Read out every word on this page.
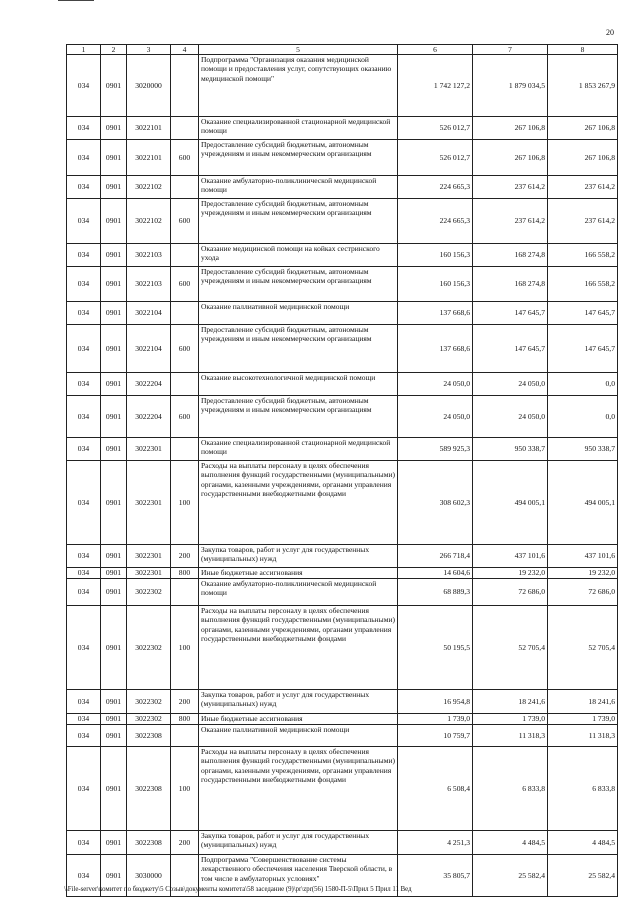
20
1	2	3	4	5	6	7	8
034	0901	3020000		Подпрограмма "Организация оказания медицинской помощи и предоставления услуг, сопутствующих оказанию медицинской помощи"	1 742 127,2	1 879 034,5	1 853 267,9
034	0901	3022101		Оказание специализированной стационарной медицинской помощи	526 012,7	267 106,8	267 106,8
034	0901	3022101	600	Предоставление субсидий бюджетным, автономным учреждениям и иным некоммерческим организациям	526 012,7	267 106,8	267 106,8
034	0901	3022102		Оказание амбулаторно-поликлинической медицинской помощи	224 665,3	237 614,2	237 614,2
034	0901	3022102	600	Предоставление субсидий бюджетным, автономным учреждениям и иным некоммерческим организациям	224 665,3	237 614,2	237 614,2
034	0901	3022103		Оказание медицинской помощи на койках сестринского ухода	160 156,3	168 274,8	166 558,2
034	0901	3022103	600	Предоставление субсидий бюджетным, автономным учреждениям и иным некоммерческим организациям	160 156,3	168 274,8	166 558,2
034	0901	3022104		Оказание паллиативной медицинской помощи	137 668,6	147 645,7	147 645,7
034	0901	3022104	600	Предоставление субсидий бюджетным, автономным учреждениям и иным некоммерческим организациям	137 668,6	147 645,7	147 645,7
034	0901	3022204		Оказание высокотехнологичной медицинской помощи	24 050,0	24 050,0	0,0
034	0901	3022204	600	Предоставление субсидий бюджетным, автономным учреждениям и иным некоммерческим организациям	24 050,0	24 050,0	0,0
034	0901	3022301		Оказание специализированной стационарной медицинской помощи	589 925,3	950 338,7	950 338,7
034	0901	3022301	100	Расходы на выплаты персоналу в целях обеспечения выполнения функций государственными (муниципальными) органами, казенными учреждениями, органами управления государственными внебюджетными фондами	308 602,3	494 005,1	494 005,1
034	0901	3022301	200	Закупка товаров, работ и услуг для государственных (муниципальных) нужд	266 718,4	437 101,6	437 101,6
034	0901	3022301	800	Иные бюджетные ассигнования	14 604,6	19 232,0	19 232,0
034	0901	3022302		Оказание амбулаторно-поликлинической медицинской помощи	68 889,3	72 686,0	72 686,0
034	0901	3022302	100	Расходы на выплаты персоналу в целях обеспечения выполнения функций государственными (муниципальными) органами, казенными учреждениями, органами управления государственными внебюджетными фондами	50 195,5	52 705,4	52 705,4
034	0901	3022302	200	Закупка товаров, работ и услуг для государственных (муниципальных) нужд	16 954,8	18 241,6	18 241,6
034	0901	3022302	800	Иные бюджетные ассигнования	1 739,0	1 739,0	1 739,0
034	0901	3022308		Оказание паллиативной медицинской помощи	10 759,7	11 318,3	11 318,3
034	0901	3022308	100	Расходы на выплаты персоналу в целях обеспечения выполнения функций государственными (муниципальными) органами, казенными учреждениями, органами управления государственными внебюджетными фондами	6 508,4	6 833,8	6 833,8
034	0901	3022308	200	Закупка товаров, работ и услуг для государственных (муниципальных) нужд	4 251,3	4 484,5	4 484,5
034	0901	3030000		Подпрограмма "Совершенствование системы лекарственного обеспечения населения Тверской области, в том числе в амбулаторных условиях"	35 805,7	25 582,4	25 582,4
\\File-server\комитет по бюджету\5 Созыв\документы комитета\58 заседание (9)\pr\zpr(56) 1580-П-5\Прил 5 Прил 11 Вед
